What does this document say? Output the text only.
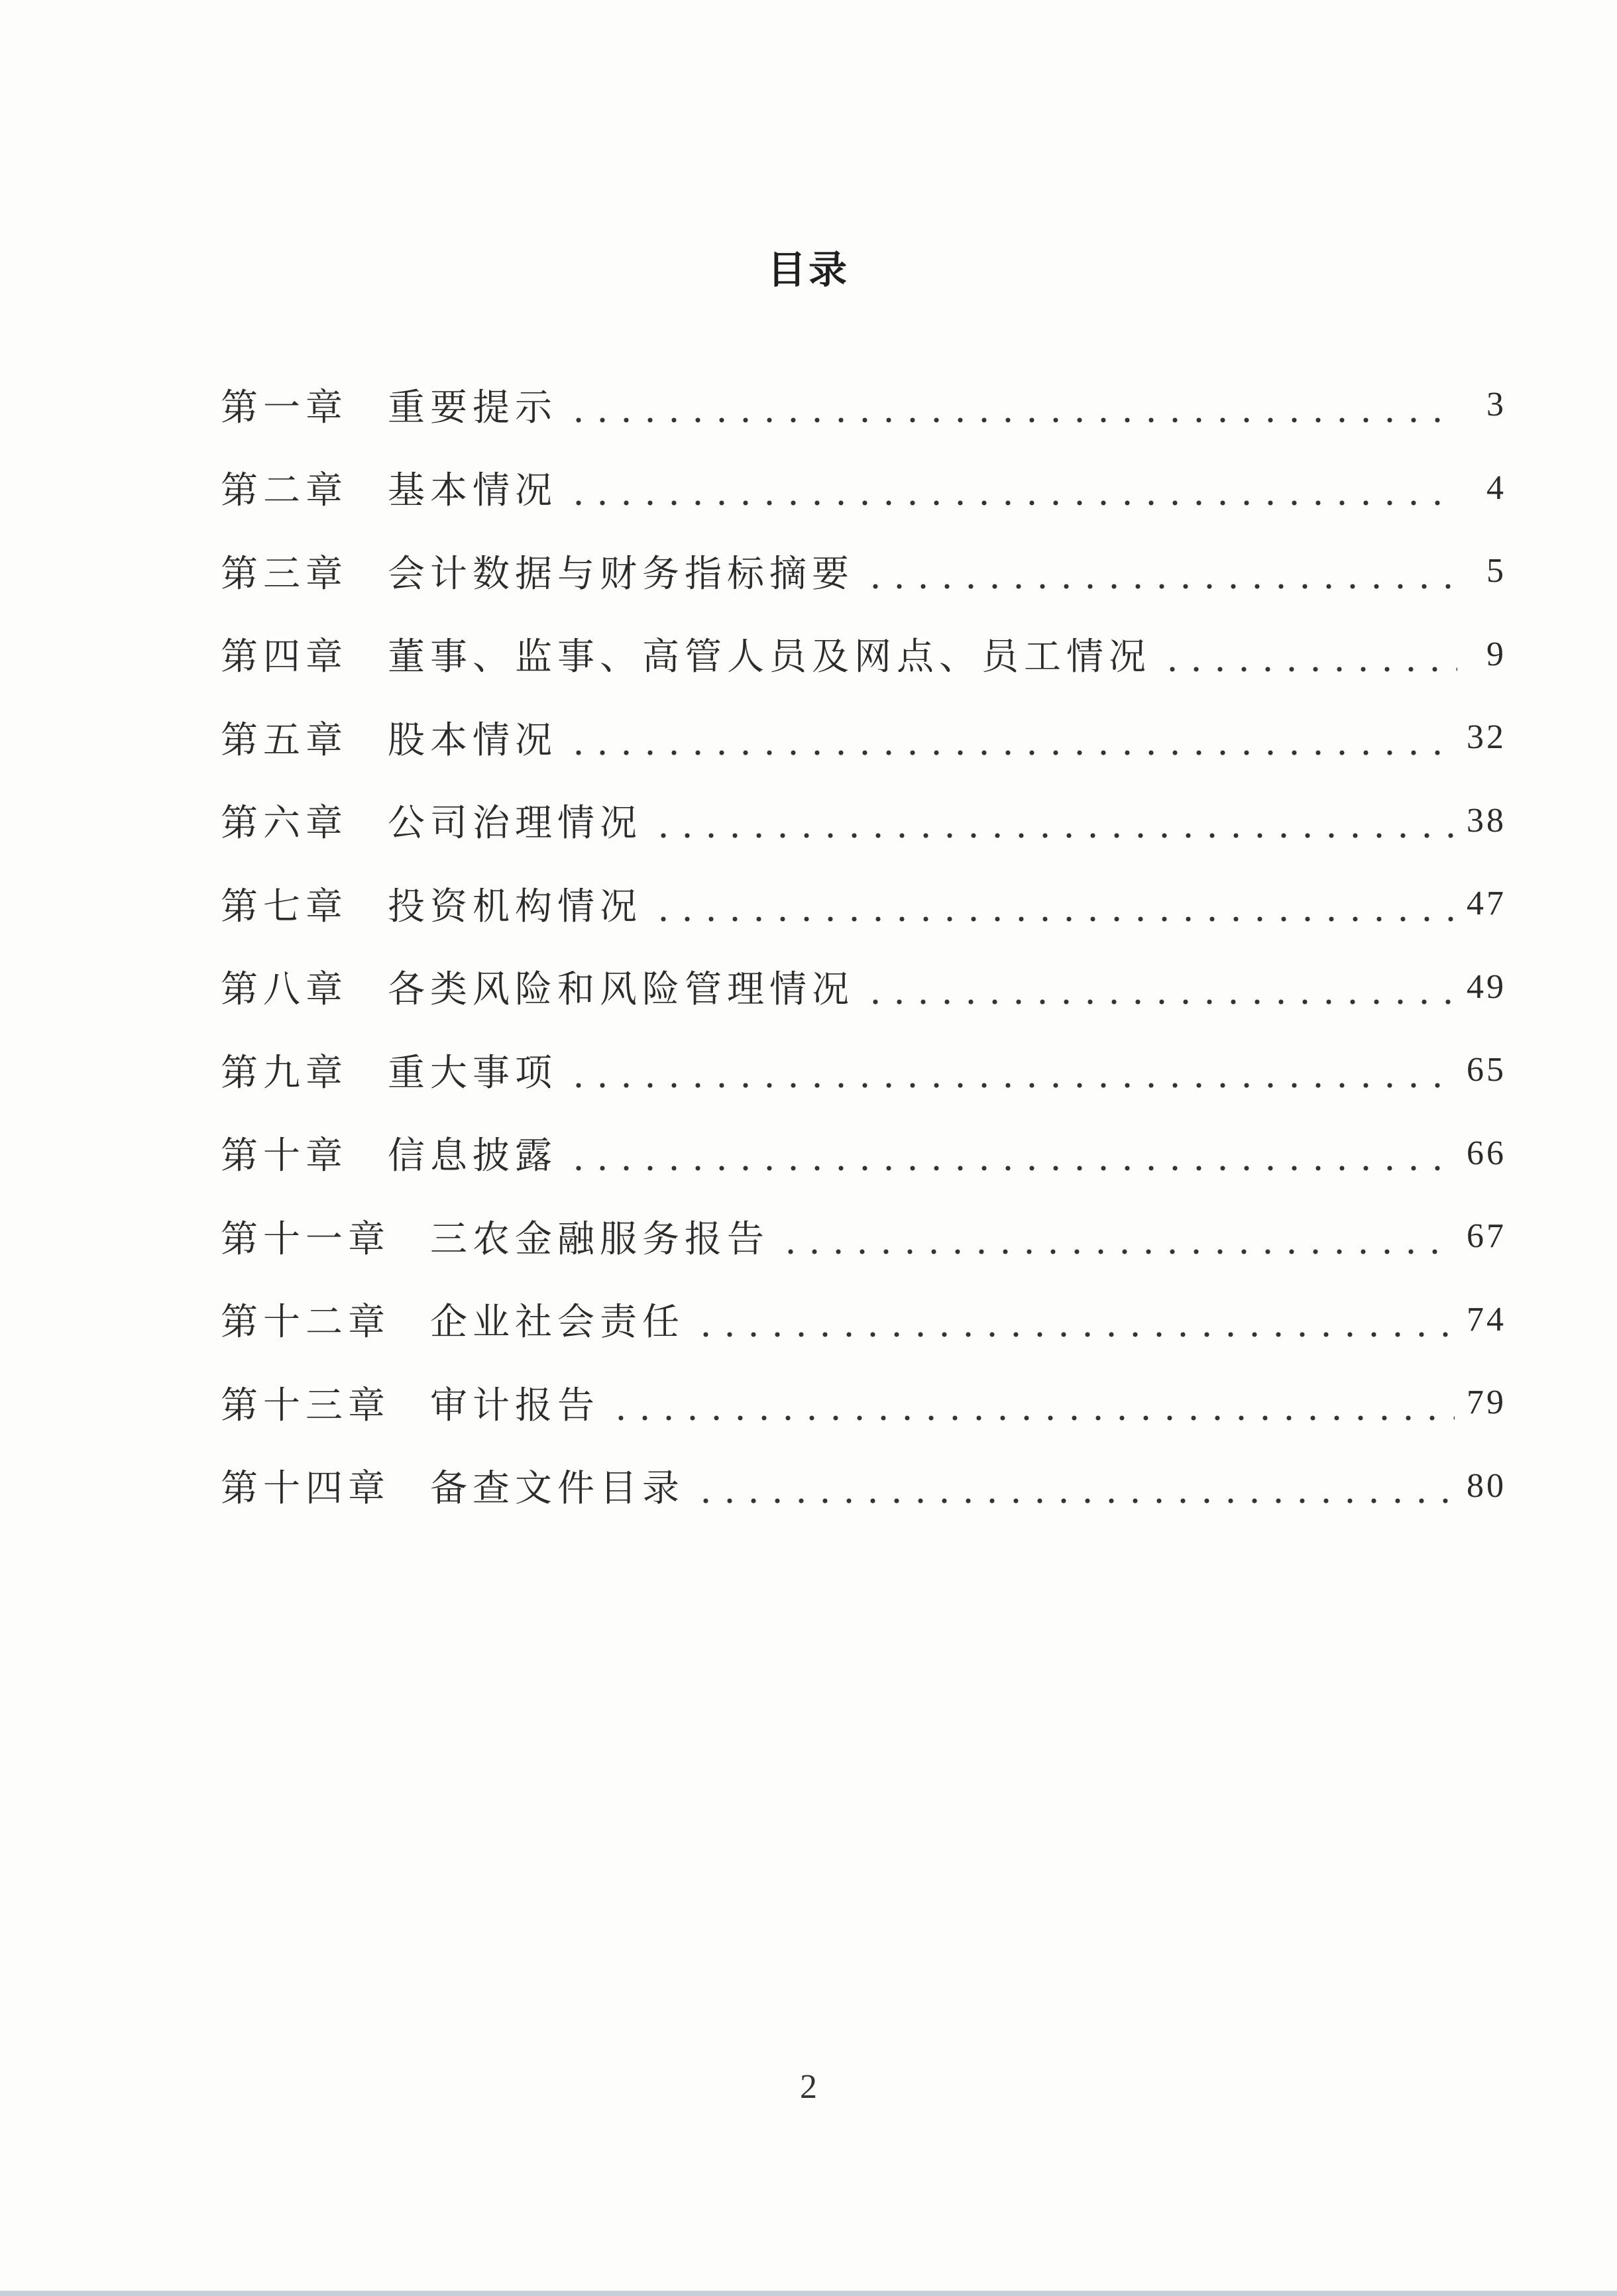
目录
第一章 重要提示	3
第二章 基本情况	4
第三章 会计数据与财务指标摘要	5
第四章 董事、监事、高管人员及网点、员工情况	9
第五章 股本情况	32
第六章 公司治理情况	38
第七章 投资机构情况	47
第八章 各类风险和风险管理情况	49
第九章 重大事项	65
第十章 信息披露	66
第十一章 三农金融服务报告	67
第十二章 企业社会责任	74
第十三章 审计报告	79
第十四章 备查文件目录	80
2
